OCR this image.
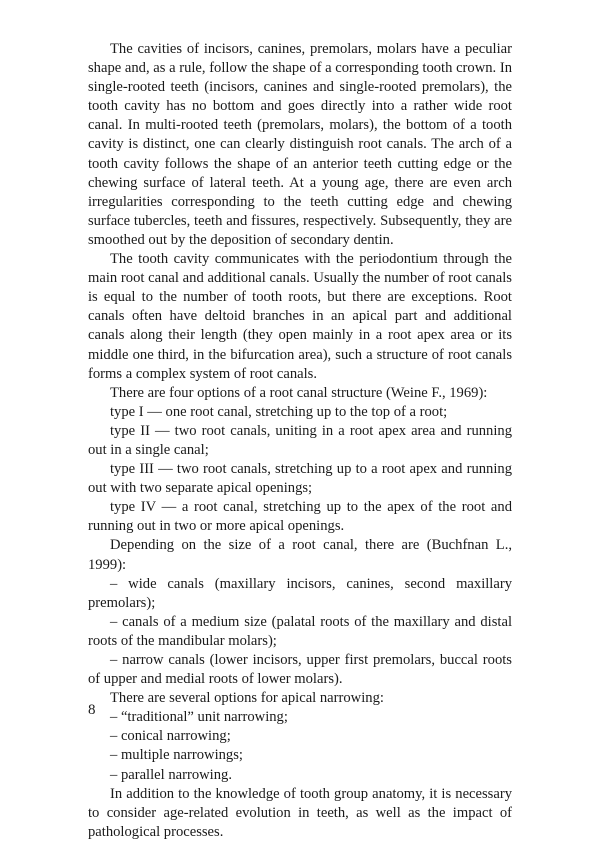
The cavities of incisors, canines, premolars, molars have a peculiar shape and, as a rule, follow the shape of a corresponding tooth crown. In single-rooted teeth (incisors, canines and single-rooted premolars), the tooth cavity has no bottom and goes directly into a rather wide root canal. In multi-rooted teeth (premolars, molars), the bottom of a tooth cavity is distinct, one can clearly distinguish root canals. The arch of a tooth cavity follows the shape of an anterior teeth cutting edge or the chewing surface of lateral teeth. At a young age, there are even arch irregularities corresponding to the teeth cutting edge and chewing surface tubercles, teeth and fissures, respectively. Subsequently, they are smoothed out by the deposition of secondary dentin.

The tooth cavity communicates with the periodontium through the main root canal and additional canals. Usually the number of root canals is equal to the number of tooth roots, but there are exceptions. Root canals often have deltoid branches in an apical part and additional canals along their length (they open mainly in a root apex area or its middle one third, in the bifurcation area), such a structure of root canals forms a complex system of root canals.

There are four options of a root canal structure (Weine F., 1969):

type I — one root canal, stretching up to the top of a root;

type II — two root canals, uniting in a root apex area and running out in a single canal;

type III — two root canals, stretching up to a root apex and running out with two separate apical openings;

type IV — a root canal, stretching up to the apex of the root and running out in two or more apical openings.

Depending on the size of a root canal, there are (Buchfnan L., 1999):

– wide canals (maxillary incisors, canines, second maxillary premolars);

– canals of a medium size (palatal roots of the maxillary and distal roots of the mandibular molars);

– narrow canals (lower incisors, upper first premolars, buccal roots of upper and medial roots of lower molars).

There are several options for apical narrowing:

– “traditional” unit narrowing;

– conical narrowing;

– multiple narrowings;

– parallel narrowing.

In addition to the knowledge of tooth group anatomy, it is necessary to consider age-related evolution in teeth, as well as the impact of pathological processes.

8
